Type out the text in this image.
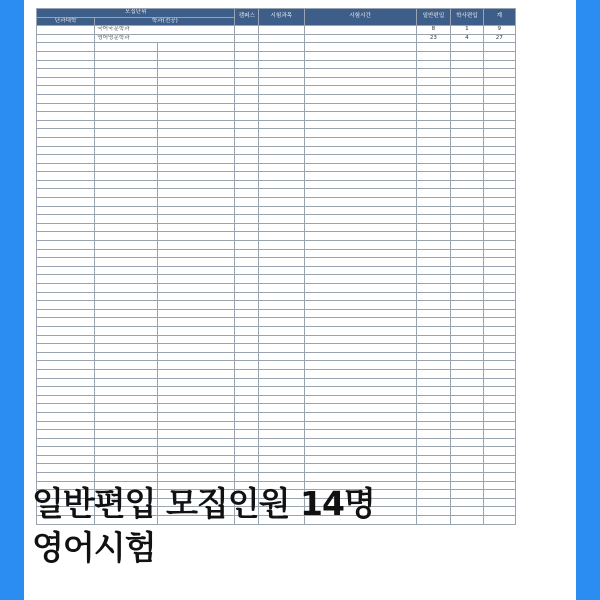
모집단위			캠퍼스	시험과목	시험시간	일반편입	학사편입	계
단과대학	학과(전공)							
	국어국문학과					8	1	9
	영어영문학과					23	4	27

일반편입 모집인원 14명
영어시험
